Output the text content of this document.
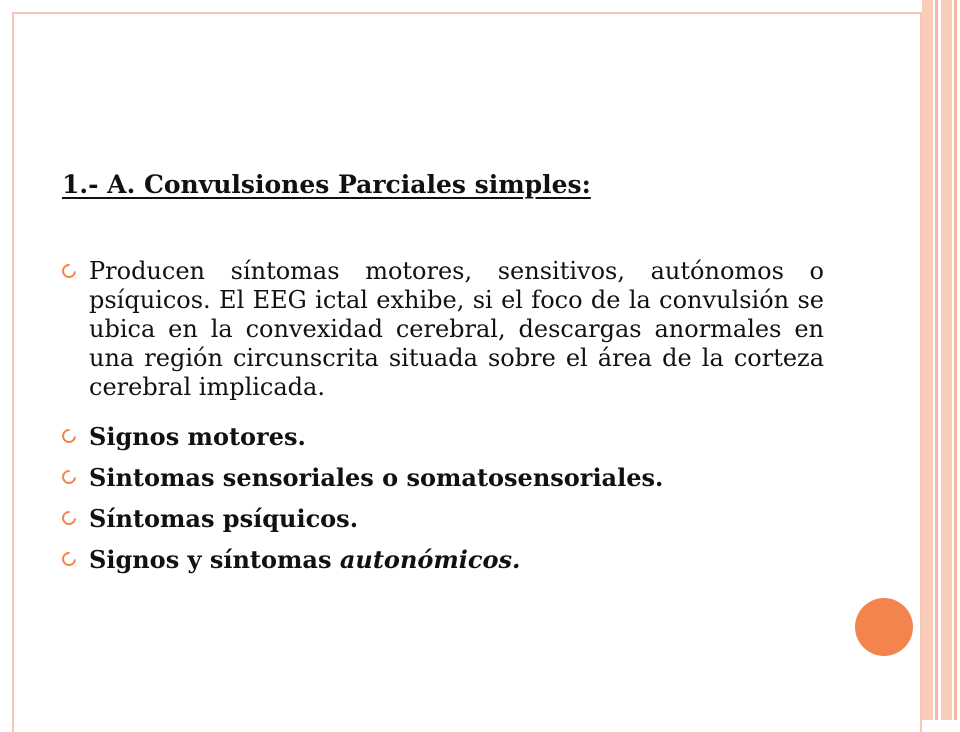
1.- A. Convulsiones Parciales simples:
Producen síntomas motores, sensitivos, autónomos o psíquicos. El EEG ictal exhibe, si el foco de la convulsión se ubica en la convexidad cerebral, descargas anormales en una región circunscrita situada sobre el área de la corteza cerebral implicada.
Signos motores.
Sintomas sensoriales o somatosensoriales.
Síntomas psíquicos.
Signos y síntomas autonómicos.
